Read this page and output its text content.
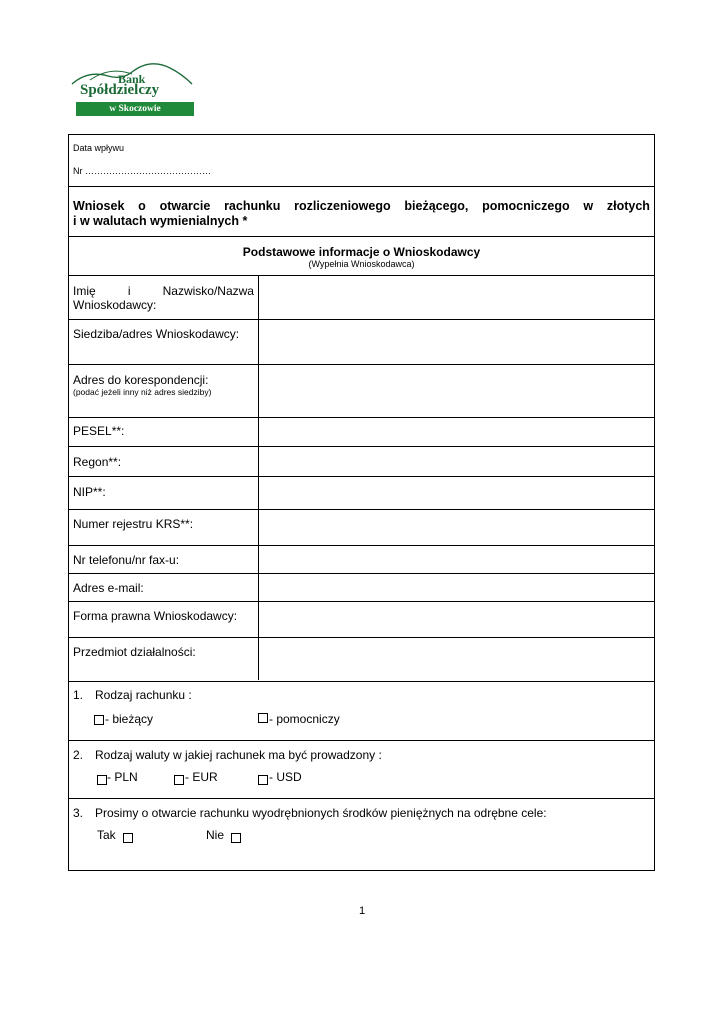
Bank
Spółdzielczy
w Skoczowie
Data wpływu
Nr ……………………………………
Wniosek o otwarcie rachunku rozliczeniowego bieżącego, pomocniczego w złotych
i w walutach wymienialnych *
Podstawowe informacje o Wnioskodawcy
(Wypełnia Wnioskodawca)
Imię	i	Nazwisko/Nazwa
Wnioskodawcy:
Siedziba/adres Wnioskodawcy:
Adres do korespondencji:
(podać jeżeli inny niż adres siedziby)
PESEL**:
Regon**:
NIP**:
Numer rejestru KRS**:
Nr telefonu/nr fax-u:
Adres e-mail:
Forma prawna Wnioskodawcy:
Przedmiot działalności:
1. Rodzaj rachunku :
- bieżący	- pomocniczy
2. Rodzaj waluty w jakiej rachunek ma być prowadzony :
- PLN	- EUR	- USD
3. Prosimy o otwarcie rachunku wyodrębnionych środków pieniężnych na odrębne cele:
Tak	Nie
1
